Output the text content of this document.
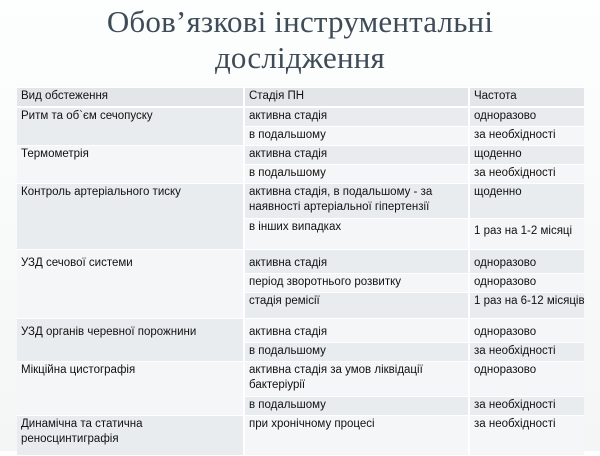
Обов’язкові інструментальні
дослідження
Вид обстеження	Стадія ПН	Частота
Ритм та об`єм сечопуску	активна стадія	одноразово
	в подальшому	за необхідності
Термометрія	активна стадія	щоденно
	в подальшому	за необхідності
Контроль артеріального тиску	активна стадія, в подальшому - за наявності артеріальної гіпертензії	щоденно
	в інших випадках	1 раз на 1-2 місяці
УЗД сечової системи	активна стадія	одноразово
	період зворотнього розвитку	одноразово
	стадія ремісії	1 раз на 6-12 місяців
УЗД органів черевної порожнини	активна стадія	одноразово
	в подальшому	за необхідності
Мікційна цистографія	активна стадія за умов ліквідації бактеріурії	одноразово
	в подальшому	за необхідності
Динамічна та статична реносцинтиграфія	при хронічному процесі	за необхідності
